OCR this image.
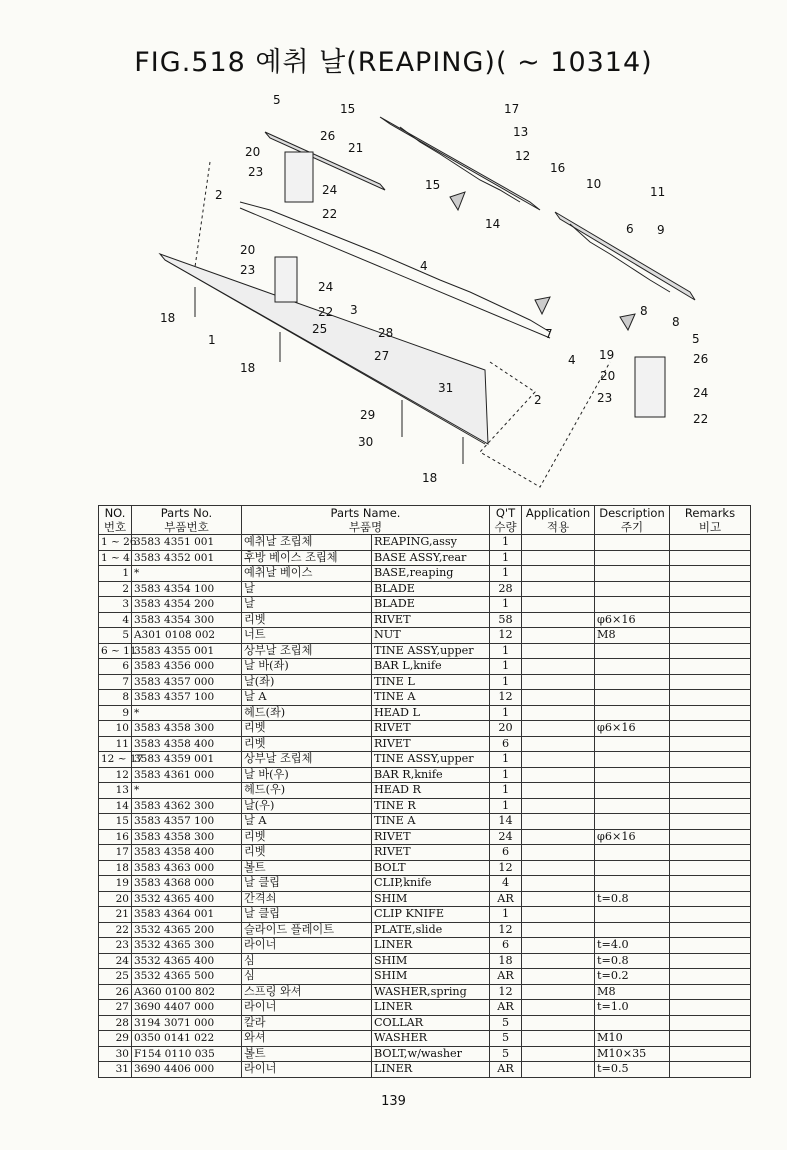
FIG.518 예취 날(REAPING)( ~ 10314)
5
26
21
20
23
24
22
2
20
23
24
22
25
18
1
18
3
4
28
27
31
29
30
18
4
2
15	17
13
12
15
16
10
11
14	6 9
7
8
8
5
26
19
20
23	24
22
NO.	Parts No.	Parts Name.		Q'T	Application	Description	Remarks
번호	부품번호	부품명		수량	적용	주기	비고
1 ~ 26	3583 4351 001	예취날 조립체	REAPING,assy	1			
1 ~ 4	3583 4352 001	후방 베이스 조립체	BASE ASSY,rear	1			
1	*	예취날 베이스	BASE,reaping	1			
2	3583 4354 100	날	BLADE	28			
3	3583 4354 200	날	BLADE	1			
4	3583 4354 300	리벳	RIVET	58		φ6×16	
5	A301 0108 002	너트	NUT	12		M8	
6 ~ 11	3583 4355 001	상부날 조립체	TINE ASSY,upper	1			
6	3583 4356 000	날 바(좌)	BAR L,knife	1			
7	3583 4357 000	날(좌)	TINE L	1			
8	3583 4357 100	날 A	TINE A	12			
9	*	헤드(좌)	HEAD L	1			
10	3583 4358 300	리벳	RIVET	20		φ6×16	
11	3583 4358 400	리벳	RIVET	6			
12 ~ 17	3583 4359 001	상부날 조립체	TINE ASSY,upper	1			
12	3583 4361 000	날 바(우)	BAR R,knife	1			
13	*	헤드(우)	HEAD R	1			
14	3583 4362 300	날(우)	TINE R	1			
15	3583 4357 100	날 A	TINE A	14			
16	3583 4358 300	리벳	RIVET	24		φ6×16	
17	3583 4358 400	리벳	RIVET	6			
18	3583 4363 000	볼트	BOLT	12			
19	3583 4368 000	날 클립	CLIP,knife	4			
20	3532 4365 400	간격쇠	SHIM	AR		t=0.8	
21	3583 4364 001	날 클립	CLIP KNIFE	1			
22	3532 4365 200	슬라이드 플레이트	PLATE,slide	12			
23	3532 4365 300	라이너	LINER	6		t=4.0	
24	3532 4365 400	심	SHIM	18		t=0.8	
25	3532 4365 500	심	SHIM	AR		t=0.2	
26	A360 0100 802	스프링 와셔	WASHER,spring	12		M8	
27	3690 4407 000	라이너	LINER	AR		t=1.0	
28	3194 3071 000	칼라	COLLAR	5			
29	0350 0141 022	와셔	WASHER	5		M10	
30	F154 0110 035	볼트	BOLT,w/washer	5		M10×35	
31	3690 4406 000	라이너	LINER	AR		t=0.5	
139
